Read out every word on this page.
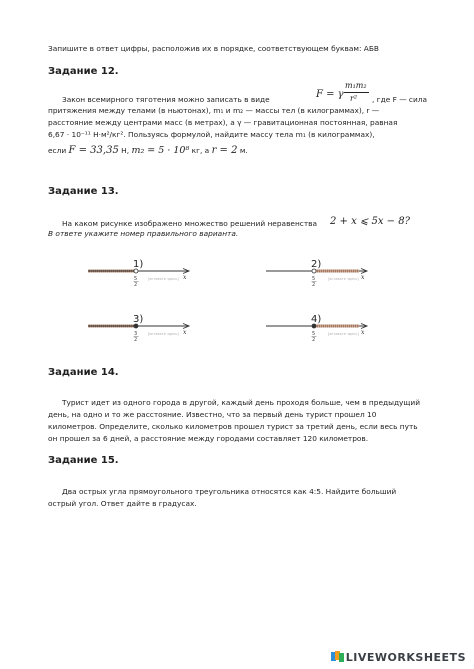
Запишите в ответ цифры, расположив их в порядке, соответствующем буквам: АБВ
Задание 12.
Закон всемирного тяготения можно записать в виде	F = γ
m₁m₂
r² , где F — сила
притяжения между телами (в ньютонах), m₁ и m₂ — массы тел (в килограммах), r —
расстояние между центрами масс (в метрах), а γ — гравитационная постоянная, равная
6,67 · 10⁻¹¹ Н·м²/кг². Пользуясь формулой, найдите массу тела m₁ (в килограммах),
если F = 33,35 Н, m₂ = 5 · 10⁸ кг, а r = 2 м.
Задание 13.
На каком рисунке изображено множество решений неравенства 2 + x ⩽ 5x − 8?
В ответе укажите номер правильного варианта.
1)
5
2
x
[вставьте здесь]
2)
5
2
x
[вставьте здесь]
3)
3
2
x
[вставьте здесь]
4)
5
2
x
[вставьте здесь]
Задание 14.
Турист идет из одного города в другой, каждый день проходя больше, чем в предыдущий
день, на одно и то же расстояние. Известно, что за первый день турист прошел 10
километров. Определите, сколько километров прошел турист за третий день, если весь путь
он прошел за 6 дней, а расстояние между городами составляет 120 километров.
Задание 15.
Два острых угла прямоугольного треугольника относятся как 4:5. Найдите больший
острый угол. Ответ дайте в градусах.
LIVEWORKSHEETS
